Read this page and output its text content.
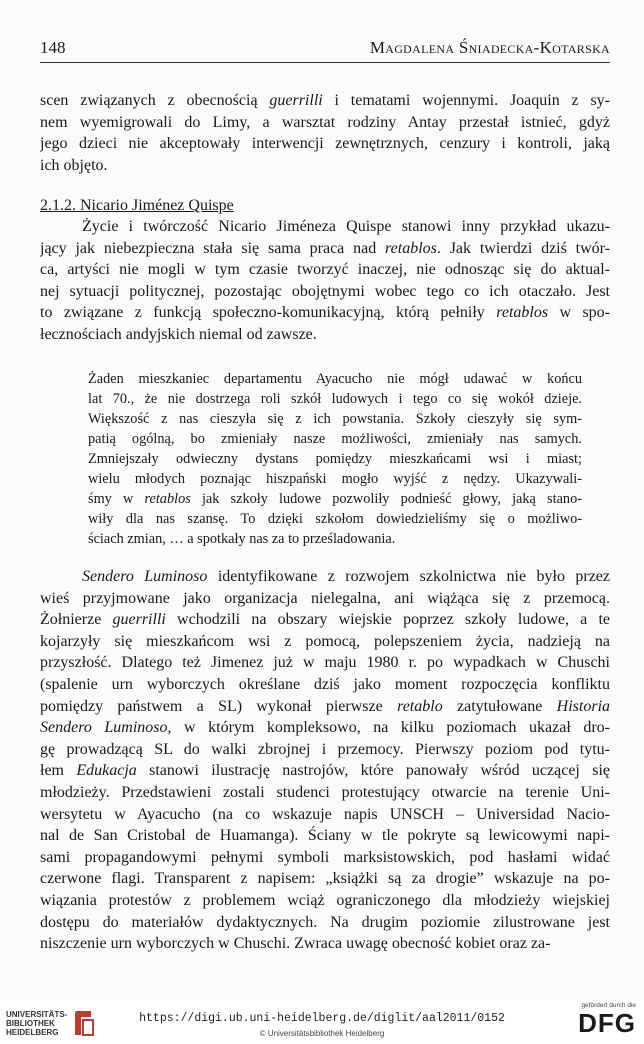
148	Magdalena Śniadecka-Kotarska
scen związanych z obecnością guerrilli i tematami wojennymi. Joaquin z sy-
nem wyemigrowali do Limy, a warsztat rodziny Antay przestał istnieć, gdyż
jego dzieci nie akceptowały interwencji zewnętrznych, cenzury i kontroli, jaką
ich objęto.
2.1.2. Nicario Jiménez Quispe
Życie i twórczość Nicario Jiméneza Quispe stanowi inny przykład ukazu-
jący jak niebezpieczna stała się sama praca nad retablos. Jak twierdzi dziś twór-
ca, artyści nie mogli w tym czasie tworzyć inaczej, nie odnosząc się do aktual-
nej sytuacji politycznej, pozostając obojętnymi wobec tego co ich otaczało. Jest
to związane z funkcją społeczno-komunikacyjną, którą pełniły retablos w spo-
łecznościach andyjskich niemal od zawsze.
Żaden mieszkaniec departamentu Ayacucho nie mógł udawać w końcu
lat 70., że nie dostrzega roli szkół ludowych i tego co się wokół dzieje.
Większość z nas cieszyła się z ich powstania. Szkoły cieszyły się sym-
patią ogólną, bo zmieniały nasze możliwości, zmieniały nas samych.
Zmniejszały odwieczny dystans pomiędzy mieszkańcami wsi i miast;
wielu młodych poznając hiszpański mogło wyjść z nędzy. Ukazywali-
śmy w retablos jak szkoły ludowe pozwoliły podnieść głowy, jaką stano-
wiły dla nas szansę. To dzięki szkołom dowiedzieliśmy się o możliwo-
ściach zmian, … a spotkały nas za to prześladowania.
Sendero Luminoso identyfikowane z rozwojem szkolnictwa nie było przez
wieś przyjmowane jako organizacja nielegalna, ani wiążąca się z przemocą.
Żołnierze guerrilli wchodzili na obszary wiejskie poprzez szkoły ludowe, a te
kojarzyły się mieszkańcom wsi z pomocą, polepszeniem życia, nadzieją na
przyszłość. Dlatego też Jimenez już w maju 1980 r. po wypadkach w Chuschi
(spalenie urn wyborczych określane dziś jako moment rozpoczęcia konfliktu
pomiędzy państwem a SL) wykonał pierwsze retablo zatytułowane Historia
Sendero Luminoso, w którym kompleksowo, na kilku poziomach ukazał dro-
gę prowadzącą SL do walki zbrojnej i przemocy. Pierwszy poziom pod tytu-
łem Edukacja stanowi ilustrację nastrojów, które panowały wśród uczącej się
młodzieży. Przedstawieni zostali studenci protestujący otwarcie na terenie Uni-
wersytetu w Ayacucho (na co wskazuje napis UNSCH – Universidad Nacio-
nal de San Cristobal de Huamanga). Ściany w tle pokryte są lewicowymi napi-
sami propagandowymi pełnymi symboli marksistowskich, pod hasłami widać
czerwone flagi. Transparent z napisem: „książki są za drogie” wskazuje na po-
wiązania protestów z problemem wciąż ograniczonego dla młodzieży wiejskiej
dostępu do materiałów dydaktycznych. Na drugim poziomie zilustrowane jest
niszczenie urn wyborczych w Chuschi. Zwraca uwagę obecność kobiet oraz za-
UNIVERSITÄTS-
BIBLIOTHEK
HEIDELBERG
https://digi.ub.uni-heidelberg.de/diglit/aal2011/0152
© Universitätsbibliothek Heidelberg
gefördert durch die
DFG
